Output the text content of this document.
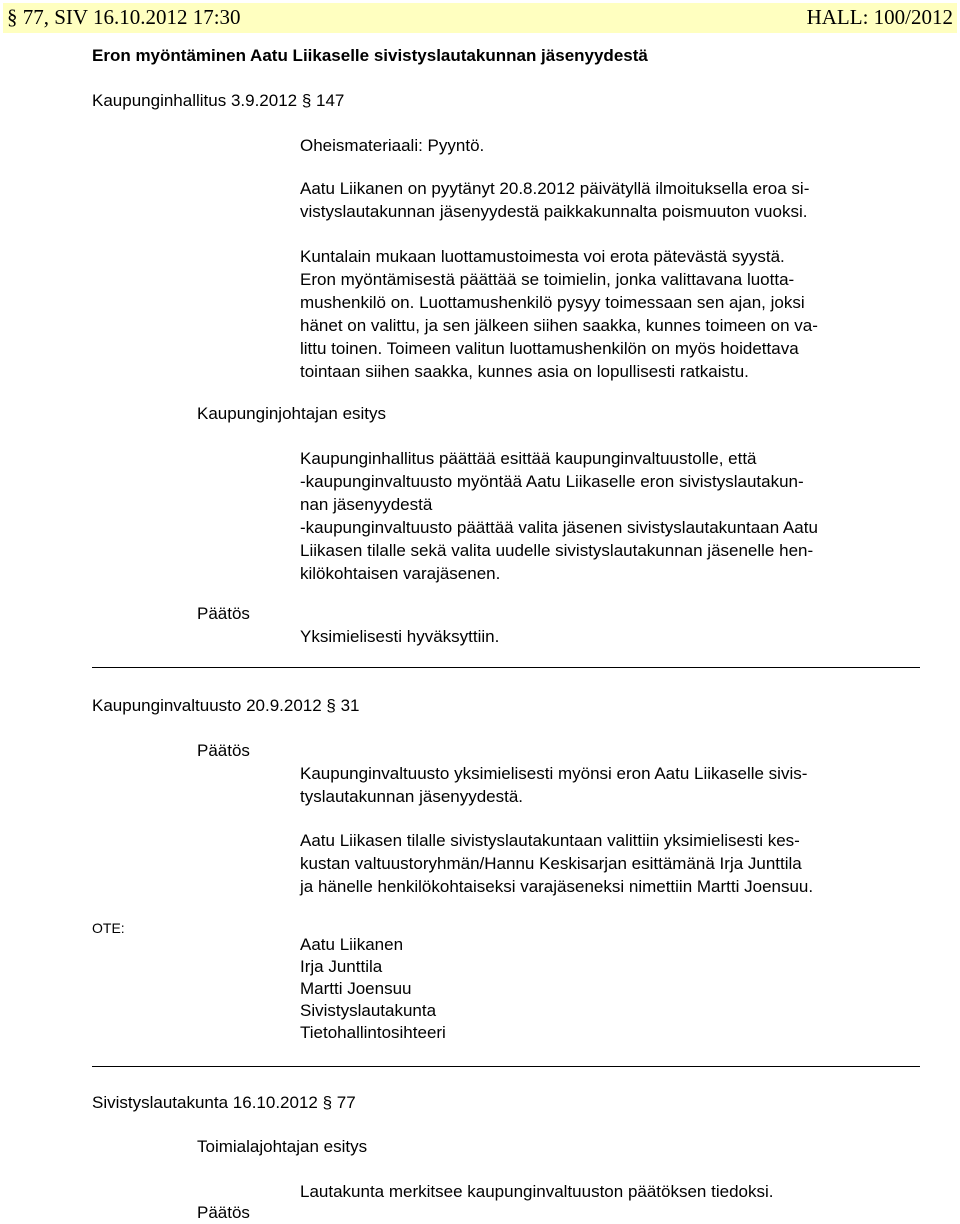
§ 77, SIV 16.10.2012 17:30	HALL: 100/2012
Eron myöntäminen Aatu Liikaselle sivistyslautakunnan jäsenyydestä
Kaupunginhallitus 3.9.2012 § 147
Oheismateriaali: Pyyntö.
Aatu Liikanen on pyytänyt 20.8.2012 päivätyllä ilmoituksella eroa si-
vistyslautakunnan jäsenyydestä paikkakunnalta poismuuton vuoksi.
Kuntalain mukaan luottamustoimesta voi erota pätevästä syystä.
Eron myöntämisestä päättää se toimielin, jonka valittavana luotta-
mushenkilö on. Luottamushenkilö pysyy toimessaan sen ajan, joksi
hänet on valittu, ja sen jälkeen siihen saakka, kunnes toimeen on va-
littu toinen. Toimeen valitun luottamushenkilön on myös hoidettava
tointaan siihen saakka, kunnes asia on lopullisesti ratkaistu.
Kaupunginjohtajan esitys
Kaupunginhallitus päättää esittää kaupunginvaltuustolle, että
-kaupunginvaltuusto myöntää Aatu Liikaselle eron sivistyslautakun-
nan jäsenyydestä
-kaupunginvaltuusto päättää valita jäsenen sivistyslautakuntaan Aatu
Liikasen tilalle sekä valita uudelle sivistyslautakunnan jäsenelle hen-
kilökohtaisen varajäsenen.
Päätös
Yksimielisesti hyväksyttiin.
Kaupunginvaltuusto 20.9.2012 § 31
Päätös
Kaupunginvaltuusto yksimielisesti myönsi eron Aatu Liikaselle sivis-
tyslautakunnan jäsenyydestä.
Aatu Liikasen tilalle sivistyslautakuntaan valittiin yksimielisesti kes-
kustan valtuustoryhmän/Hannu Keskisarjan esittämänä Irja Junttila
ja hänelle henkilökohtaiseksi varajäseneksi nimettiin Martti Joensuu.
OTE:
Aatu Liikanen
Irja Junttila
Martti Joensuu
Sivistyslautakunta
Tietohallintosihteeri
Sivistyslautakunta 16.10.2012 § 77
Toimialajohtajan esitys
Lautakunta merkitsee kaupunginvaltuuston päätöksen tiedoksi.
Päätös
